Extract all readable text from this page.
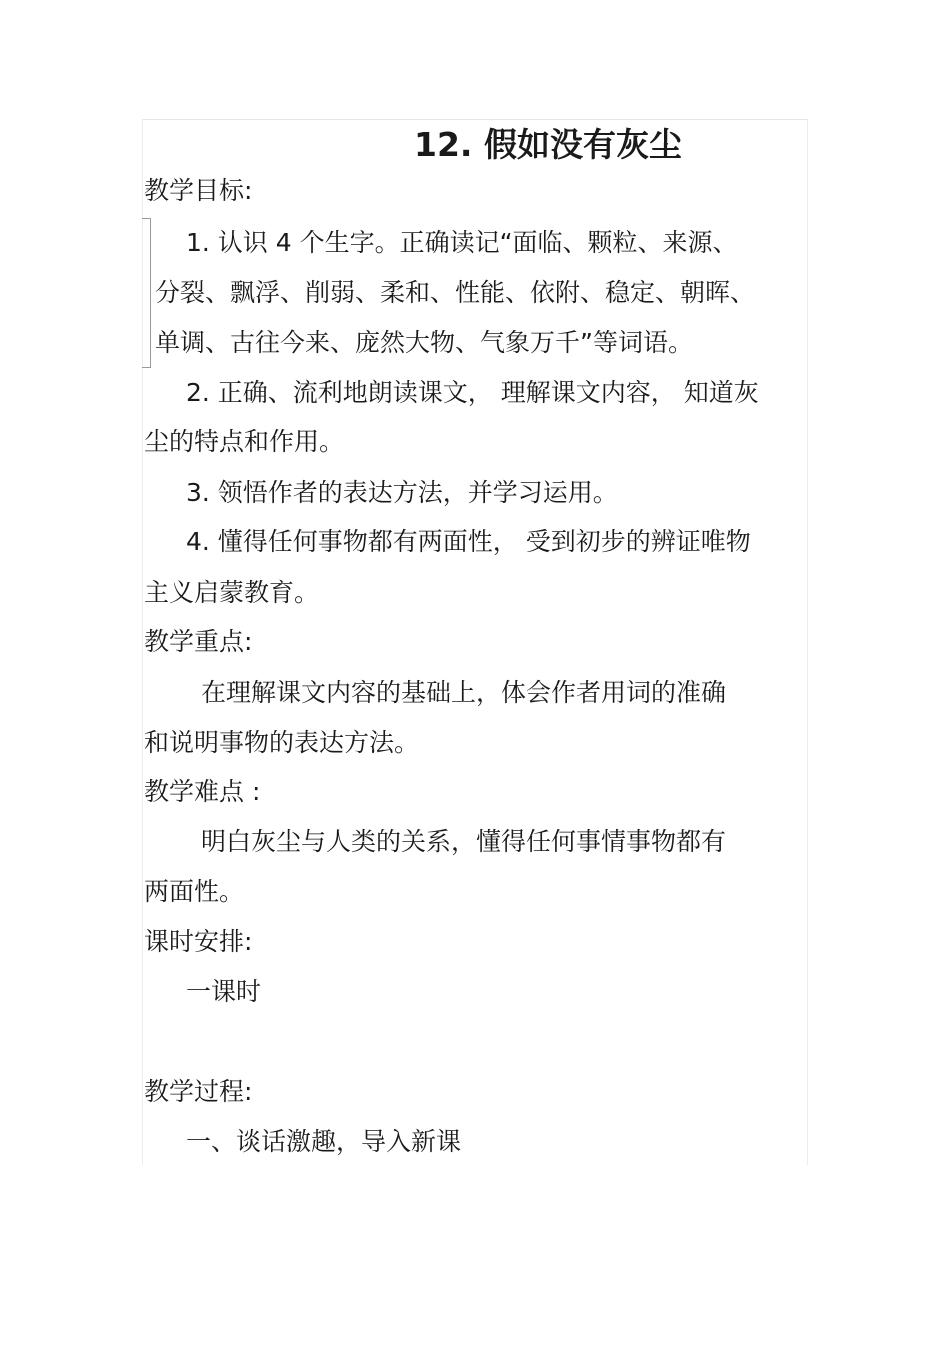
12. 假如没有灰尘

教学目标:

1. 认识 4 个生字。正确读记“面临、颗粒、来源、

分裂、飘浮、削弱、柔和、性能、依附、稳定、朝晖、

单调、古往今来、庞然大物、气象万千”等词语。

2. 正确、流利地朗读课文， 理解课文内容， 知道灰

尘的特点和作用。

3. 领悟作者的表达方法，并学习运用。

4. 懂得任何事物都有两面性， 受到初步的辨证唯物

主义启蒙教育。

教学重点:

在理解课文内容的基础上，体会作者用词的准确

和说明事物的表达方法。

教学难点 :

明白灰尘与人类的关系，懂得任何事情事物都有

两面性。

课时安排:

一课时

教学过程:

一、谈话激趣，导入新课
